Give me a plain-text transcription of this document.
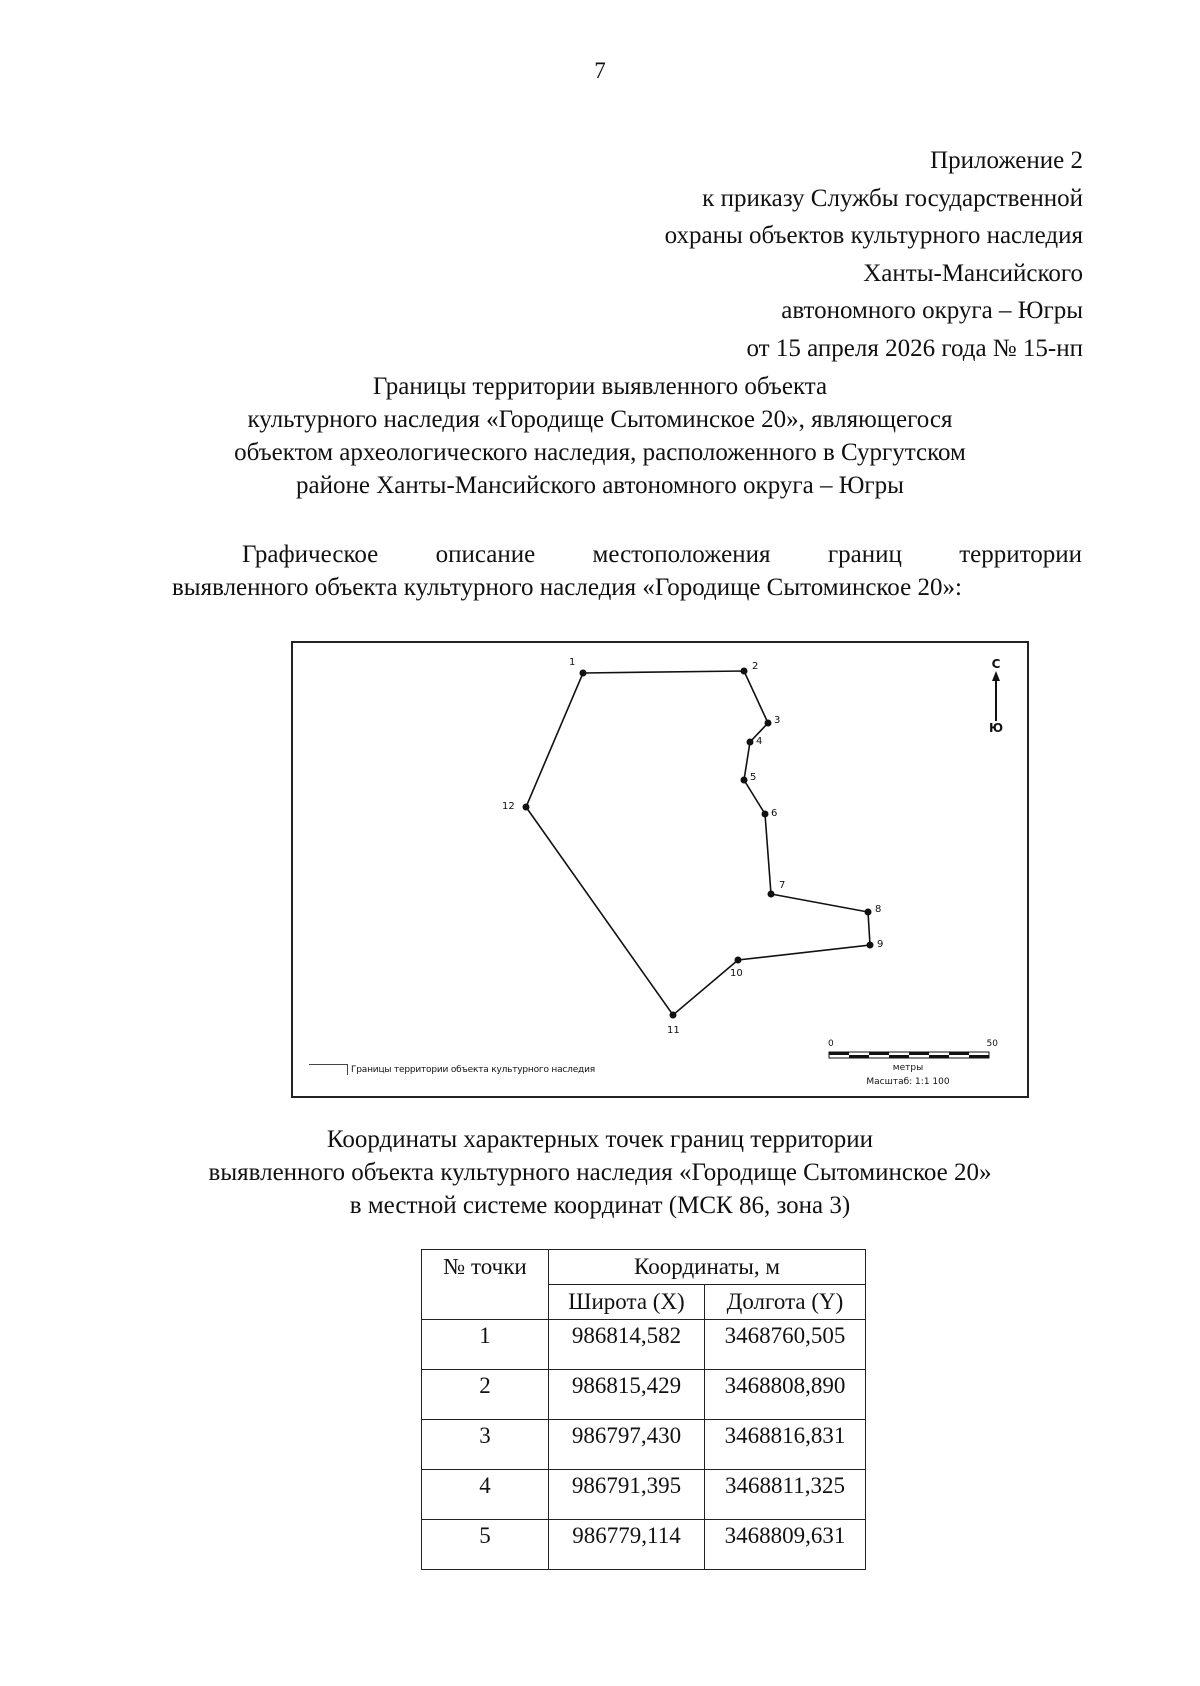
7
Приложение 2
к приказу Службы государственной
охраны объектов культурного наследия
Ханты-Мансийского
автономного округа – Югры
от 15 апреля 2026 года № 15-нп
Границы территории выявленного объекта
культурного наследия «Городище Сытоминское 20», являющегося
объектом археологического наследия, расположенного в Сургутском
районе Ханты-Мансийского автономного округа – Югры
Графическое описание местоположения границ территории
выявленного объекта культурного наследия «Городище Сытоминское 20»:
1	2
3
4
5
6
7
8
9
10
11
12
С
Ю
Границы территории объекта культурного наследия
0	50
метры
Масштаб: 1:1 100
Координаты характерных точек границ территории
выявленного объекта культурного наследия «Городище Сытоминское 20»
в местной системе координат (МСК 86, зона 3)
№ точки	Координаты, м	
	Широта (X)	Долгота (Y)
1	986814,582	3468760,505
2	986815,429	3468808,890
3	986797,430	3468816,831
4	986791,395	3468811,325
5	986779,114	3468809,631
